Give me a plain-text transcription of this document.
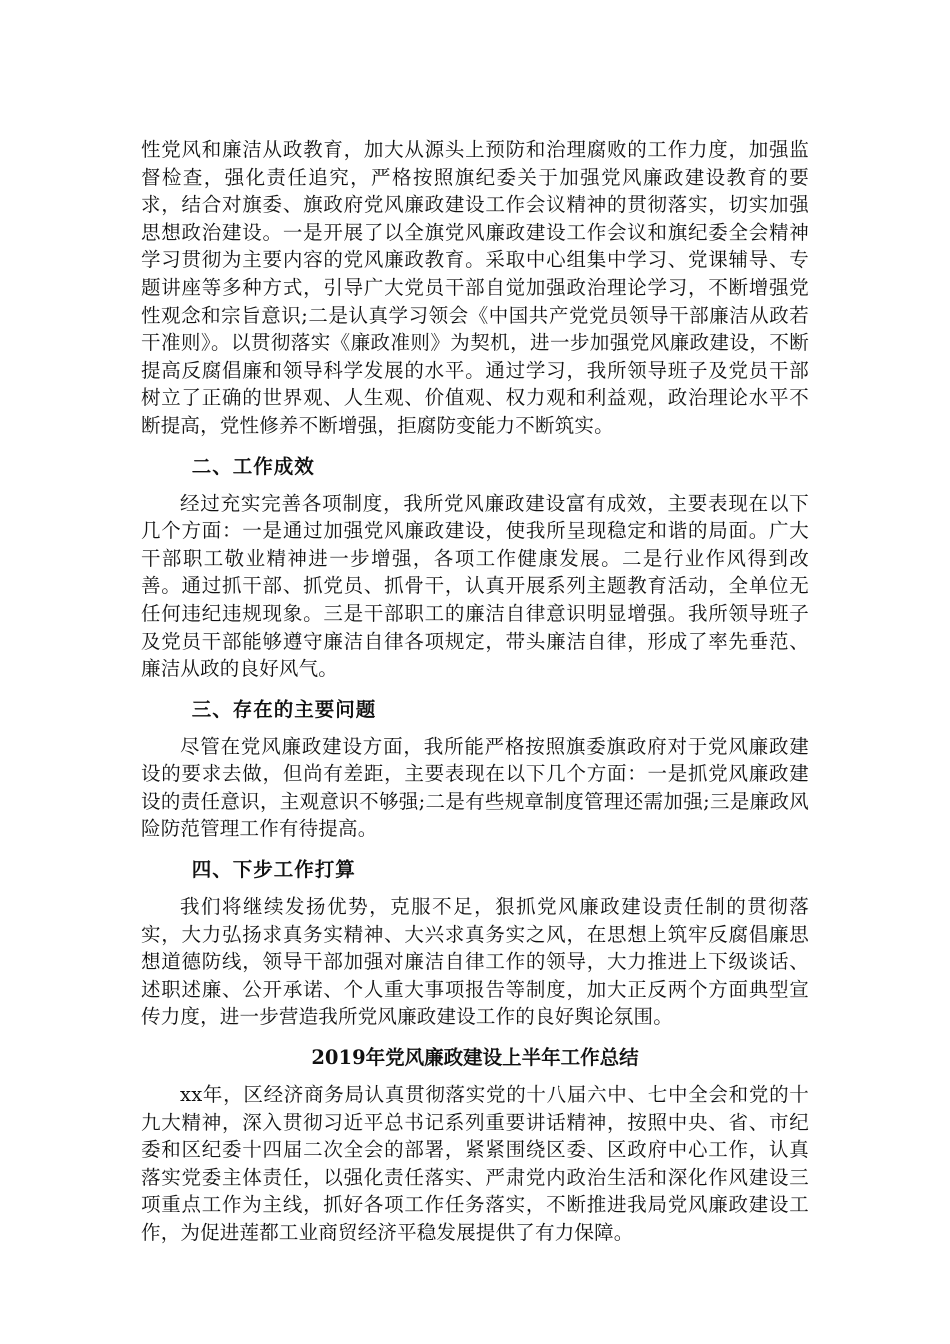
性党风和廉洁从政教育，加大从源头上预防和治理腐败的工作力度，加强监督检查，强化责任追究，严格按照旗纪委关于加强党风廉政建设教育的要求，结合对旗委、旗政府党风廉政建设工作会议精神的贯彻落实，切实加强思想政治建设。一是开展了以全旗党风廉政建设工作会议和旗纪委全会精神学习贯彻为主要内容的党风廉政教育。采取中心组集中学习、党课辅导、专题讲座等多种方式，引导广大党员干部自觉加强政治理论学习，不断增强党性观念和宗旨意识;二是认真学习领会《中国共产党党员领导干部廉洁从政若干准则》。以贯彻落实《廉政准则》为契机，进一步加强党风廉政建设，不断提高反腐倡廉和领导科学发展的水平。通过学习，我所领导班子及党员干部树立了正确的世界观、人生观、价值观、权力观和利益观，政治理论水平不断提高，党性修养不断增强，拒腐防变能力不断筑实。

二、工作成效

经过充实完善各项制度，我所党风廉政建设富有成效，主要表现在以下几个方面：一是通过加强党风廉政建设，使我所呈现稳定和谐的局面。广大干部职工敬业精神进一步增强，各项工作健康发展。二是行业作风得到改善。通过抓干部、抓党员、抓骨干，认真开展系列主题教育活动，全单位无任何违纪违规现象。三是干部职工的廉洁自律意识明显增强。我所领导班子及党员干部能够遵守廉洁自律各项规定，带头廉洁自律，形成了率先垂范、廉洁从政的良好风气。

三、存在的主要问题

尽管在党风廉政建设方面，我所能严格按照旗委旗政府对于党风廉政建设的要求去做，但尚有差距，主要表现在以下几个方面：一是抓党风廉政建设的责任意识，主观意识不够强;二是有些规章制度管理还需加强;三是廉政风险防范管理工作有待提高。

四、下步工作打算

我们将继续发扬优势，克服不足，狠抓党风廉政建设责任制的贯彻落实，大力弘扬求真务实精神、大兴求真务实之风，在思想上筑牢反腐倡廉思想道德防线，领导干部加强对廉洁自律工作的领导，大力推进上下级谈话、述职述廉、公开承诺、个人重大事项报告等制度，加大正反两个方面典型宣传力度，进一步营造我所党风廉政建设工作的良好舆论氛围。

2019年党风廉政建设上半年工作总结

xx年，区经济商务局认真贯彻落实党的十八届六中、七中全会和党的十九大精神，深入贯彻习近平总书记系列重要讲话精神，按照中央、省、市纪委和区纪委十四届二次全会的部署，紧紧围绕区委、区政府中心工作，认真落实党委主体责任，以强化责任落实、严肃党内政治生活和深化作风建设三项重点工作为主线，抓好各项工作任务落实，不断推进我局党风廉政建设工作，为促进莲都工业商贸经济平稳发展提供了有力保障。
